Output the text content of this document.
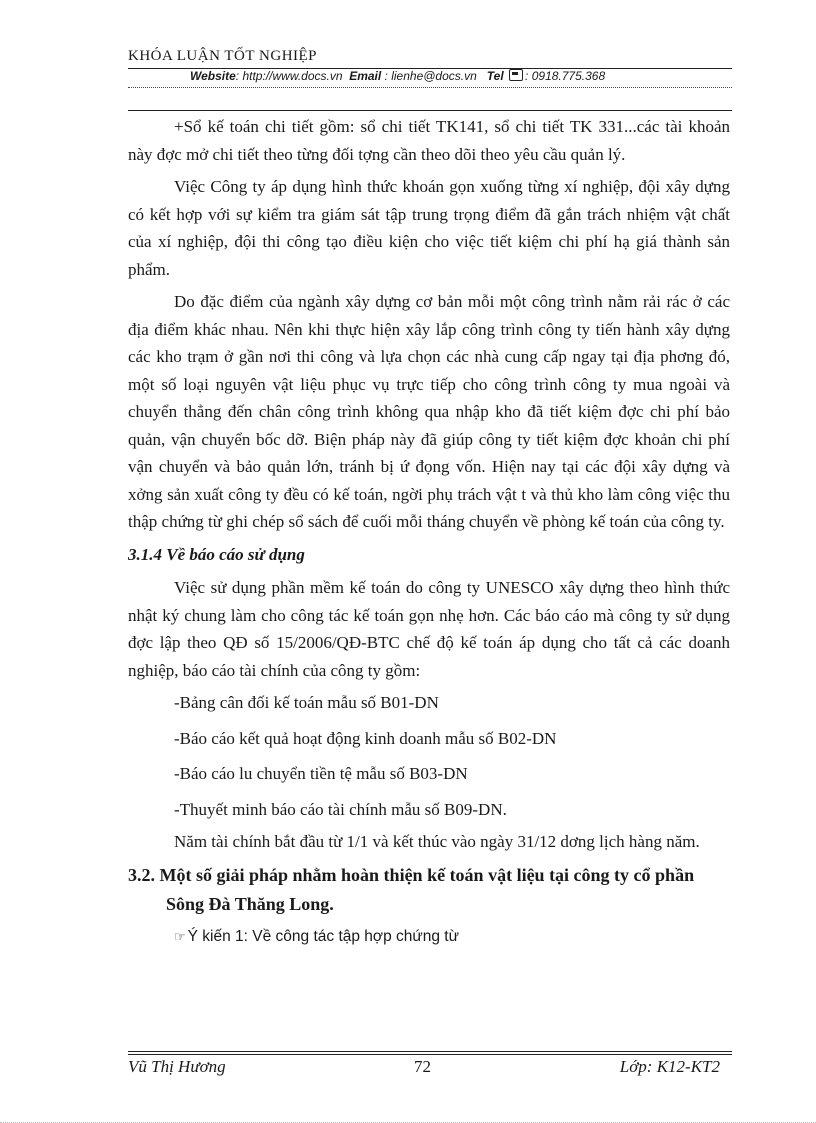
KHÓA LUẬN TỐT NGHIỆP
Website: http://www.docs.vn Email : lienhe@docs.vn Tel : 0918.775.368

+Sổ kế toán chi tiết gồm: sổ chi tiết TK141, sổ chi tiết TK 331...các tài khoản này đợc mở chi tiết theo từng đối tợng cần theo dõi theo yêu cầu quản lý.

Việc Công ty áp dụng hình thức khoán gọn xuống từng xí nghiệp, đội xây dựng có kết hợp với sự kiểm tra giám sát tập trung trọng điểm đã gắn trách nhiệm vật chất của xí nghiệp, đội thi công tạo điều kiện cho việc tiết kiệm chi phí hạ giá thành sản phẩm.

Do đặc điểm của ngành xây dựng cơ bản mỗi một công trình nằm rải rác ở các địa điểm khác nhau. Nên khi thực hiện xây lắp công trình công ty tiến hành xây dựng các kho trạm ở gần nơi thi công và lựa chọn các nhà cung cấp ngay tại địa phơng đó, một số loại nguyên vật liệu phục vụ trực tiếp cho công trình công ty mua ngoài và chuyển thẳng đến chân công trình không qua nhập kho đã tiết kiệm đợc chi phí bảo quản, vận chuyển bốc dỡ. Biện pháp này đã giúp công ty tiết kiệm đợc khoản chi phí vận chuyển và bảo quản lớn, tránh bị ứ đọng vốn. Hiện nay tại các đội xây dựng và xởng sản xuất công ty đều có kế toán, ngời phụ trách vật t và thủ kho làm công việc thu thập chứng từ ghi chép sổ sách để cuối mỗi tháng chuyển về phòng kế toán của công ty.

3.1.4 Về báo cáo sử dụng

Việc sử dụng phần mềm kế toán do công ty UNESCO xây dựng theo hình thức nhật ký chung làm cho công tác kế toán gọn nhẹ hơn. Các báo cáo mà công ty sử dụng đợc lập theo QĐ số 15/2006/QĐ-BTC chế độ kế toán áp dụng cho tất cả các doanh nghiệp, báo cáo tài chính của công ty gồm:

-Bảng cân đối kế toán mẫu số B01-DN

-Báo cáo kết quả hoạt động kinh doanh mẫu số B02-DN

-Báo cáo lu chuyển tiền tệ mẫu số B03-DN

-Thuyết minh báo cáo tài chính mẫu số B09-DN.

Năm tài chính bắt đầu từ 1/1 và kết thúc vào ngày 31/12 dơng lịch hàng năm.

3.2. Một số giải pháp nhằm hoàn thiện kế toán vật liệu tại công ty cổ phần Sông Đà Thăng Long.
☞ Ý kiến 1: Về công tác tập hợp chứng từ
Vũ Thị Hương	72	Lớp: K12-KT2
